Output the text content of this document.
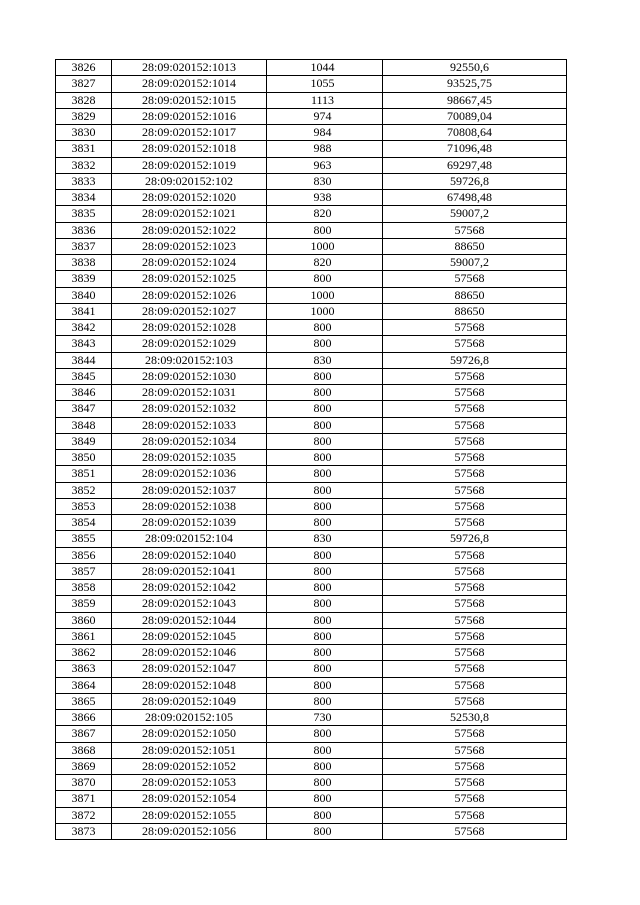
3826	28:09:020152:1013	1044	92550,6
3827	28:09:020152:1014	1055	93525,75
3828	28:09:020152:1015	1113	98667,45
3829	28:09:020152:1016	974	70089,04
3830	28:09:020152:1017	984	70808,64
3831	28:09:020152:1018	988	71096,48
3832	28:09:020152:1019	963	69297,48
3833	28:09:020152:102	830	59726,8
3834	28:09:020152:1020	938	67498,48
3835	28:09:020152:1021	820	59007,2
3836	28:09:020152:1022	800	57568
3837	28:09:020152:1023	1000	88650
3838	28:09:020152:1024	820	59007,2
3839	28:09:020152:1025	800	57568
3840	28:09:020152:1026	1000	88650
3841	28:09:020152:1027	1000	88650
3842	28:09:020152:1028	800	57568
3843	28:09:020152:1029	800	57568
3844	28:09:020152:103	830	59726,8
3845	28:09:020152:1030	800	57568
3846	28:09:020152:1031	800	57568
3847	28:09:020152:1032	800	57568
3848	28:09:020152:1033	800	57568
3849	28:09:020152:1034	800	57568
3850	28:09:020152:1035	800	57568
3851	28:09:020152:1036	800	57568
3852	28:09:020152:1037	800	57568
3853	28:09:020152:1038	800	57568
3854	28:09:020152:1039	800	57568
3855	28:09:020152:104	830	59726,8
3856	28:09:020152:1040	800	57568
3857	28:09:020152:1041	800	57568
3858	28:09:020152:1042	800	57568
3859	28:09:020152:1043	800	57568
3860	28:09:020152:1044	800	57568
3861	28:09:020152:1045	800	57568
3862	28:09:020152:1046	800	57568
3863	28:09:020152:1047	800	57568
3864	28:09:020152:1048	800	57568
3865	28:09:020152:1049	800	57568
3866	28:09:020152:105	730	52530,8
3867	28:09:020152:1050	800	57568
3868	28:09:020152:1051	800	57568
3869	28:09:020152:1052	800	57568
3870	28:09:020152:1053	800	57568
3871	28:09:020152:1054	800	57568
3872	28:09:020152:1055	800	57568
3873	28:09:020152:1056	800	57568
